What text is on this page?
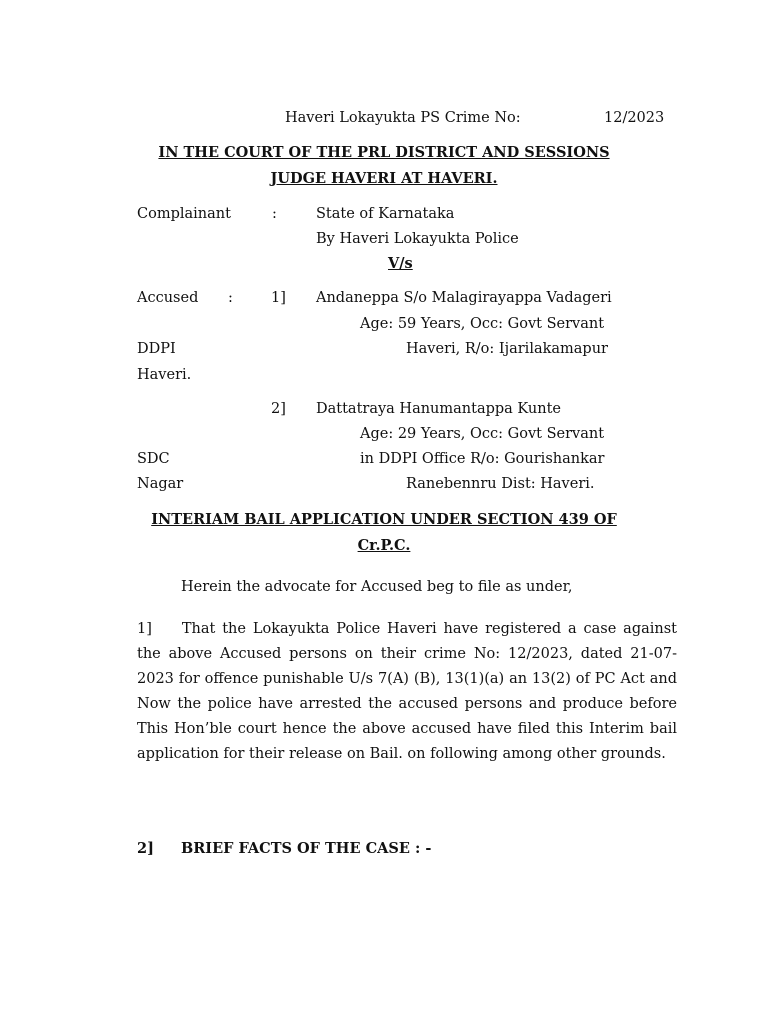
Haveri Lokayukta PS Crime No:	12/2023
IN THE COURT OF THE PRL DISTRICT AND SESSIONS
JUDGE HAVERI AT HAVERI.
Complainant	:	State of Karnataka
By Haveri Lokayukta Police
V/s
Accused :	1] Andaneppa S/o Malagirayappa Vadageri
Age: 59 Years, Occ: Govt Servant
DDPI	Haveri, R/o: Ijarilakamapur
Haveri.
2] Dattatraya Hanumantappa Kunte
Age: 29 Years, Occ: Govt Servant
SDC	in DDPI Office R/o: Gourishankar
Nagar	Ranebennru Dist: Haveri.
INTERIAM BAIL APPLICATION UNDER SECTION 439 OF
Cr.P.C.
Herein the advocate for Accused beg to file as under,

1] That the Lokayukta Police Haveri have registered a case against the above Accused persons on their crime No: 12/2023, dated 21-07-2023 for offence punishable U/s 7(A) (B), 13(1)(a) an 13(2) of PC Act and Now the police have arrested the accused persons and produce before This Hon’ble court hence the above accused have filed this Interim bail application for their release on Bail. on following among other grounds.

2] BRIEF FACTS OF THE CASE : -
